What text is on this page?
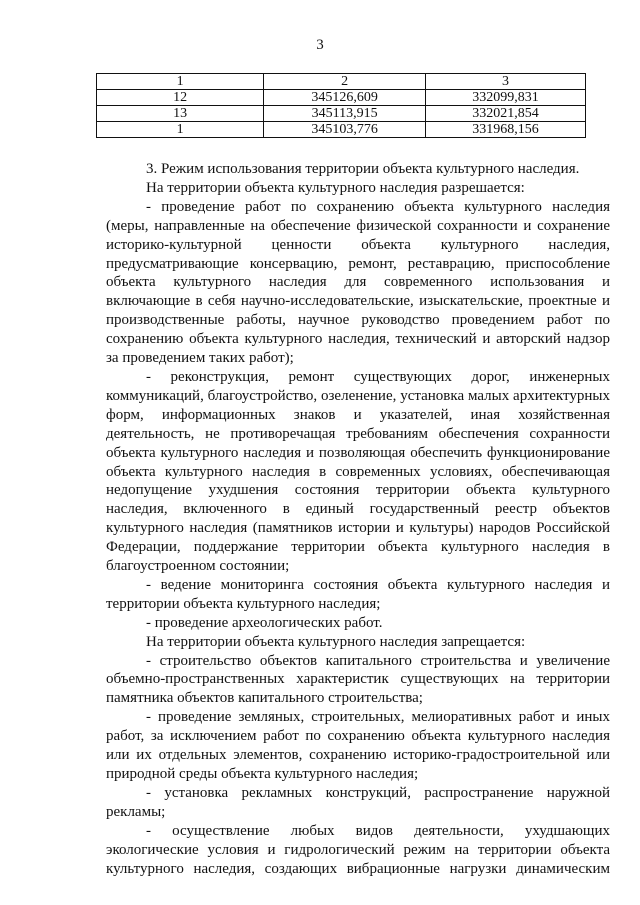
3
1	2	3
12	345126,609	332099,831
13	345113,915	332021,854
1	345103,776	331968,156

3. Режим использования территории объекта культурного наследия.

На территории объекта культурного наследия разрешается:

- проведение работ по сохранению объекта культурного наследия (меры, направленные на обеспечение физической сохранности и сохранение историко-культурной ценности объекта культурного наследия, предусматривающие консервацию, ремонт, реставрацию, приспособление объекта культурного наследия для современного использования и включающие в себя научно-исследовательские, изыскательские, проектные и производственные работы, научное руководство проведением работ по сохранению объекта культурного наследия, технический и авторский надзор за проведением таких работ);

- реконструкция, ремонт существующих дорог, инженерных коммуникаций, благоустройство, озеленение, установка малых архитектурных форм, информационных знаков и указателей, иная хозяйственная деятельность, не противоречащая требованиям обеспечения сохранности объекта культурного наследия и позволяющая обеспечить функционирование объекта культурного наследия в современных условиях, обеспечивающая недопущение ухудшения состояния территории объекта культурного наследия, включенного в единый государственный реестр объектов культурного наследия (памятников истории и культуры) народов Российской Федерации, поддержание территории объекта культурного наследия в благоустроенном состоянии;

- ведение мониторинга состояния объекта культурного наследия и территории объекта культурного наследия;

- проведение археологических работ.

На территории объекта культурного наследия запрещается:

- строительство объектов капитального строительства и увеличение объемно-пространственных характеристик существующих на территории памятника объектов капитального строительства;

- проведение земляных, строительных, мелиоративных работ и иных работ, за исключением работ по сохранению объекта культурного наследия или их отдельных элементов, сохранению историко-градостроительной или природной среды объекта культурного наследия;

- установка рекламных конструкций, распространение наружной рекламы;

- осуществление любых видов деятельности, ухудшающих экологические условия и гидрологический режим на территории объекта культурного наследия, создающих вибрационные нагрузки динамическим
